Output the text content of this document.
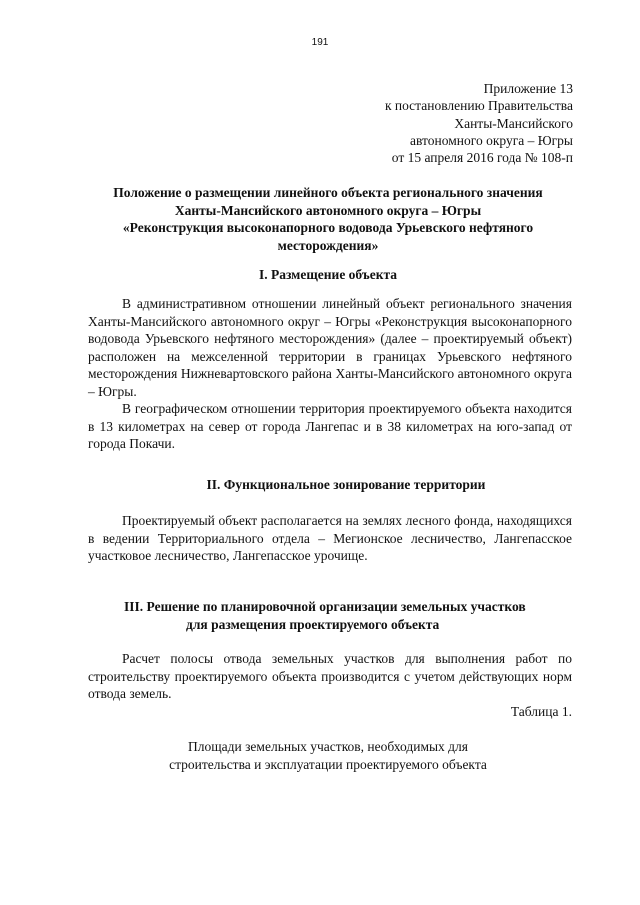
191
Приложение 13
к постановлению Правительства
Ханты-Мансийского
автономного округа – Югры
от 15 апреля 2016 года № 108-п
Положение о размещении линейного объекта регионального значения
Ханты-Мансийского автономного округа – Югры
«Реконструкция высоконапорного водовода Урьевского нефтяного
месторождения»
I. Размещение объекта

В административном отношении линейный объект регионального значения Ханты-Мансийского автономного округ – Югры «Реконструкция высоконапорного водовода Урьевского нефтяного месторождения» (далее – проектируемый объект) расположен на межселенной территории в границах Урьевского нефтяного месторождения Нижневартовского района Ханты-Мансийского автономного округа – Югры.

В географическом отношении территория проектируемого объекта находится в 13 километрах на север от города Лангепас и в 38 километрах на юго-запад от города Покачи.

II. Функциональное зонирование территории

Проектируемый объект располагается на землях лесного фонда, находящихся в ведении Территориального отдела – Мегионское лесничество, Лангепасское участковое лесничество, Лангепасское урочище.

III. Решение по планировочной организации земельных участков
для размещения проектируемого объекта

Расчет полосы отвода земельных участков для выполнения работ по строительству проектируемого объекта производится с учетом действующих норм отвода земель.

Таблица 1.
Площади земельных участков, необходимых для
строительства и эксплуатации проектируемого объекта
